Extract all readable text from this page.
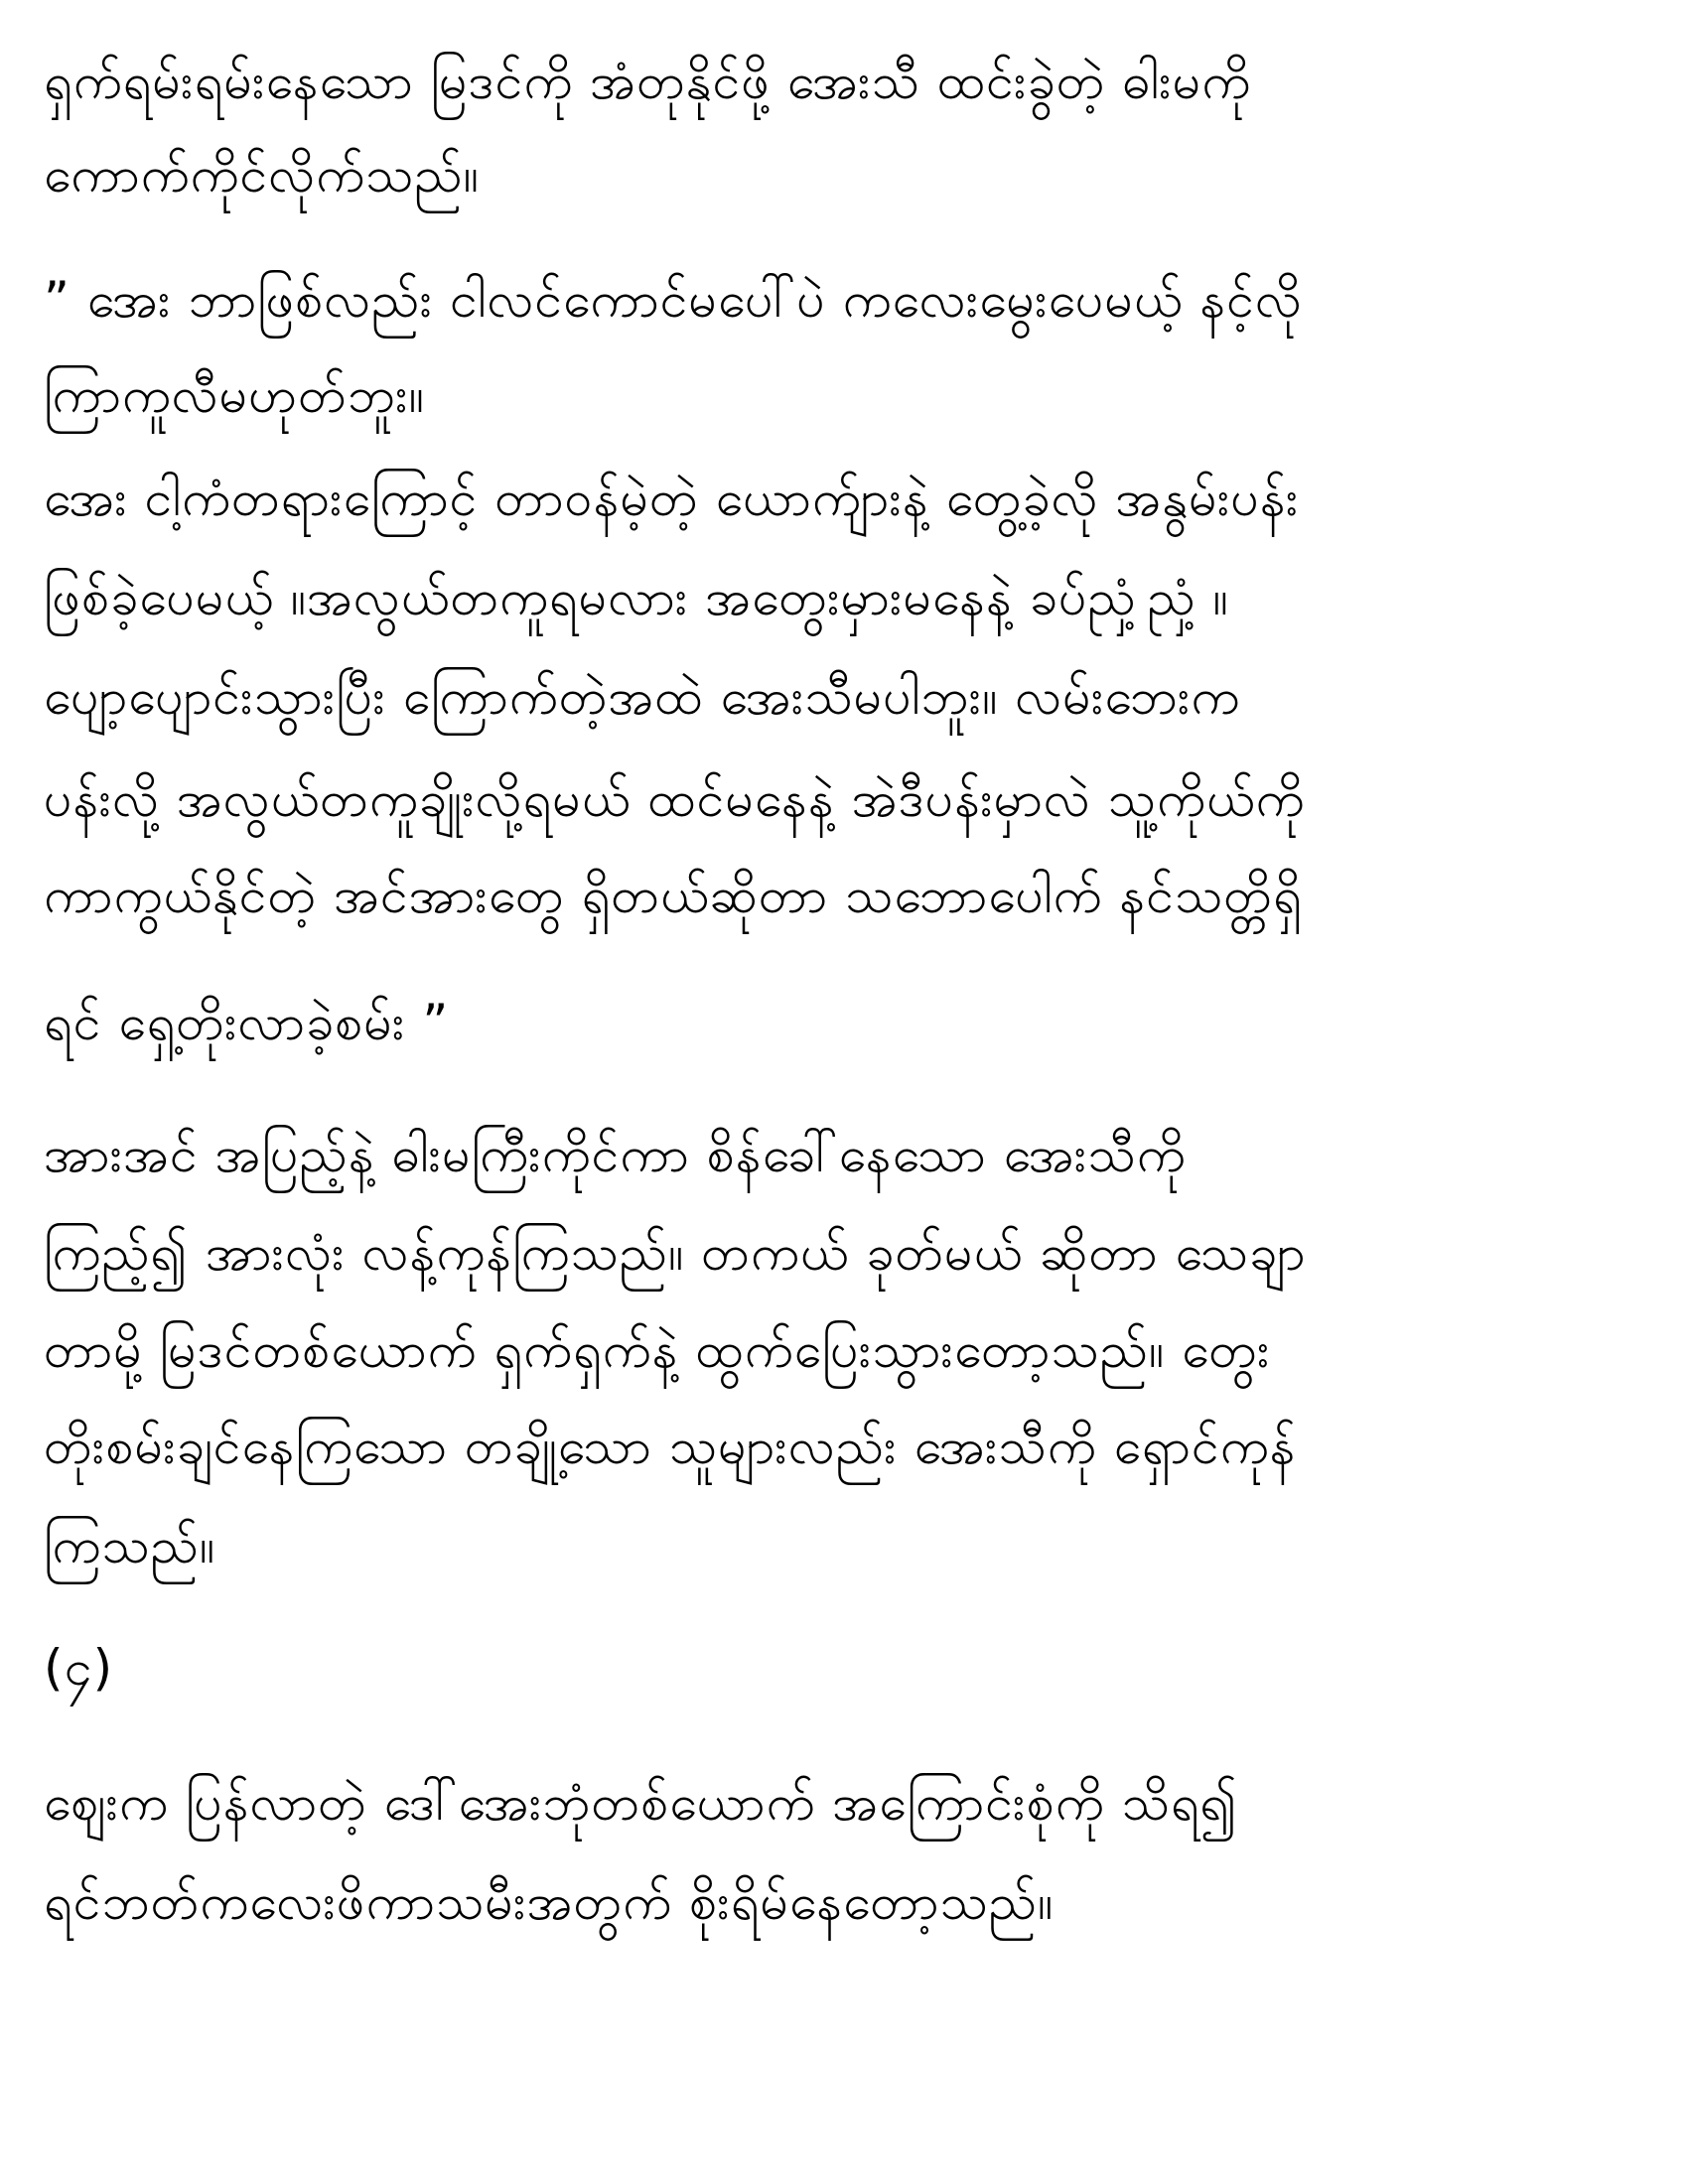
ရှက်ရမ်းရမ်းနေသော မြဒင်ကို အံတုနိုင်ဖို့ အေးသီ ထင်းခွဲတဲ့ ဓါးမကို
ကောက်ကိုင်လိုက်သည်။
” အေး ဘာဖြစ်လည်း ငါလင်ကောင်မပေါ်ပဲ ကလေးမွေးပေမယ့် နင့်လို
ကြာကူလီမဟုတ်ဘူး။
အေး ငါ့ကံတရားကြောင့် တာဝန်မဲ့တဲ့ ယောက်ျားနဲ့ တွေ့ခဲ့လို အနွမ်းပန်း
ဖြစ်ခဲ့ပေမယ့် ။အလွယ်တကူရမလား အတွေးမှားမနေနဲ့ ခပ်ညှံ့ညှံ့ ။
ပျော့ပျောင်းသွားပြီး ကြောက်တဲ့အထဲ အေးသီမပါဘူး။ လမ်းဘေးက
ပန်းလို့ အလွယ်တကူချိုးလို့ရမယ် ထင်မနေနဲ့ အဲဒီပန်းမှာလဲ သူ့ကိုယ်ကို
ကာကွယ်နိုင်တဲ့ အင်အားတွေ ရှိတယ်ဆိုတာ သဘောပေါက် နင်သတ္တိရှိ
ရင် ရှေ့တိုးလာခဲ့စမ်း ”
အားအင် အပြည့်နဲ့ ဓါးမကြီးကိုင်ကာ စိန်ခေါ်နေသော အေးသီကို
ကြည့်၍ အားလုံး လန့်ကုန်ကြသည်။ တကယ် ခုတ်မယ် ဆိုတာ သေချာ
တာမို့ မြဒင်တစ်ယောက် ရှက်ရှက်နဲ့ ထွက်ပြေးသွားတော့သည်။ တွေး
တိုးစမ်းချင်နေကြသော တချို့သော သူများလည်း အေးသီကို ရှောင်ကုန်
ကြသည်။
(၄)
ဈေးက ပြန်လာတဲ့ ဒေါ်အေးဘုံတစ်ယောက် အကြောင်းစုံကို သိရ၍
ရင်ဘတ်ကလေးဖိကာသမီးအတွက် စိုးရိမ်နေတော့သည်။
